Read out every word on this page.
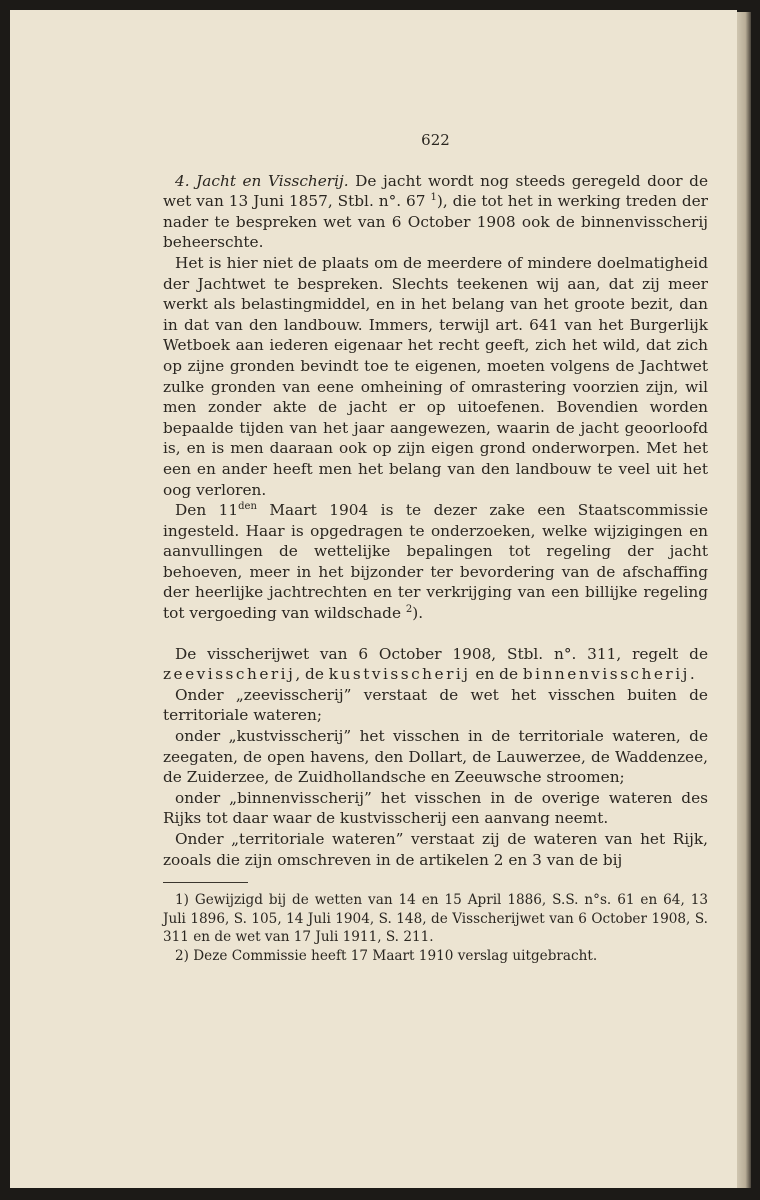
622

4. Jacht en Visscherij. De jacht wordt nog steeds geregeld door de wet van 13 Juni 1857, Stbl. n°. 67 $^1$), die tot het in werking treden der nader te bespreken wet van 6 October 1908 ook de binnenvisscherij beheerschte.

Het is hier niet de plaats om de meerdere of mindere doelmatigheid der Jachtwet te bespreken. Slechts teekenen wij aan, dat zij meer werkt als belastingmiddel, en in het belang van het groote bezit, dan in dat van den landbouw. Immers, terwijl art. 641 van het Burgerlijk Wetboek aan iederen eigenaar het recht geeft, zich het wild, dat zich op zijne gronden bevindt toe te eigenen, moeten volgens de Jachtwet zulke gronden van eene omheining of omrastering voorzien zijn, wil men zonder akte de jacht er op uitoefenen. Bovendien worden bepaalde tijden van het jaar aangewezen, waarin de jacht geoorloofd is, en is men daaraan ook op zijn eigen grond onderworpen. Met het een en ander heeft men het belang van den landbouw te veel uit het oog verloren.

Den $11^{den}$ Maart 1904 is te dezer zake een Staatscommissie ingesteld. Haar is opgedragen te onderzoeken, welke wijzigingen en aanvullingen de wettelijke bepalingen tot regeling der jacht behoeven, meer in het bijzonder ter bevordering van de afschaffing der heerlijke jachtrechten en ter verkrijging van een billijke regeling tot vergoeding van wildschade $^2$).

De visscherijwet van 6 October 1908, Stbl. n°. 311, regelt de zeevisscherij, de kustvisscherij en de binnenvisscherij.

Onder „zeevisscherij” verstaat de wet het visschen buiten de territoriale wateren;

onder „kustvisscherij” het visschen in de territoriale wateren, de zeegaten, de open havens, den Dollart, de Lauwerzee, de Waddenzee, de Zuiderzee, de Zuidhollandsche en Zeeuwsche stroomen;

onder „binnenvisscherij” het visschen in de overige wateren des Rijks tot daar waar de kustvisscherij een aanvang neemt.

Onder „territoriale wateren” verstaat zij de wateren van het Rijk, zooals die zijn omschreven in de artikelen 2 en 3 van de bij

1) Gewijzigd bij de wetten van 14 en 15 April 1886, S.S. n°s. 61 en 64, 13 Juli 1896, S. 105, 14 Juli 1904, S. 148, de Visscherijwet van 6 October 1908, S. 311 en de wet van 17 Juli 1911, S. 211.

2) Deze Commissie heeft 17 Maart 1910 verslag uitgebracht.
